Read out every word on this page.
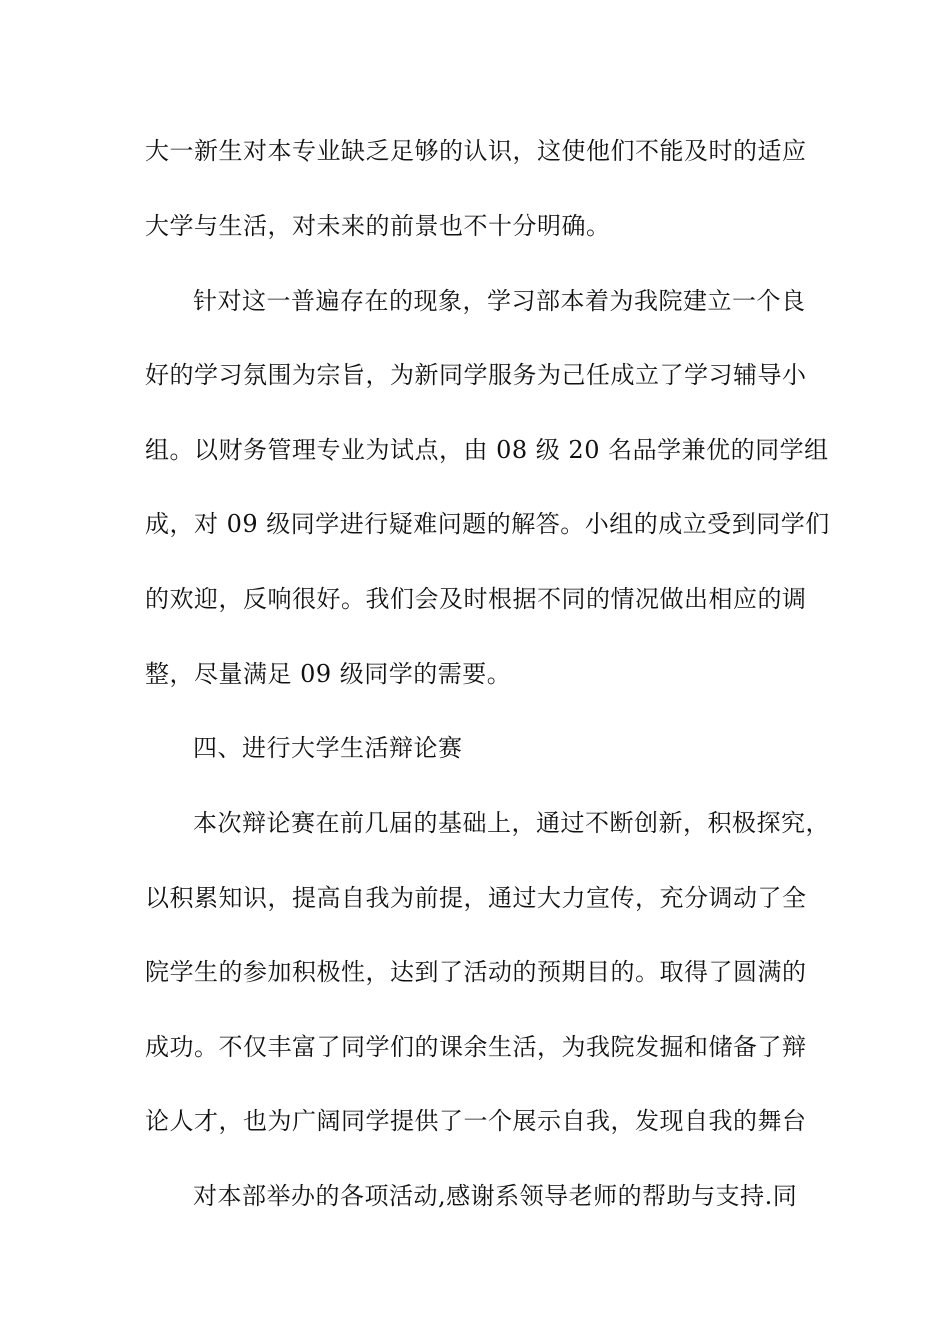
大一新生对本专业缺乏足够的认识，这使他们不能及时的适应

大学与生活，对未来的前景也不十分明确。

针对这一普遍存在的现象，学习部本着为我院建立一个良

好的学习氛围为宗旨，为新同学服务为己任成立了学习辅导小

组。以财务管理专业为试点，由 08 级 20 名品学兼优的同学组

成，对 09 级同学进行疑难问题的解答。小组的成立受到同学们

的欢迎，反响很好。我们会及时根据不同的情况做出相应的调

整，尽量满足 09 级同学的需要。

四、进行大学生活辩论赛

本次辩论赛在前几届的基础上，通过不断创新，积极探究，

以积累知识，提高自我为前提，通过大力宣传，充分调动了全

院学生的参加积极性，达到了活动的预期目的。取得了圆满的

成功。不仅丰富了同学们的课余生活，为我院发掘和储备了辩

论人才，也为广阔同学提供了一个展示自我，发现自我的舞台

对本部举办的各项活动,感谢系领导老师的帮助与支持.同
